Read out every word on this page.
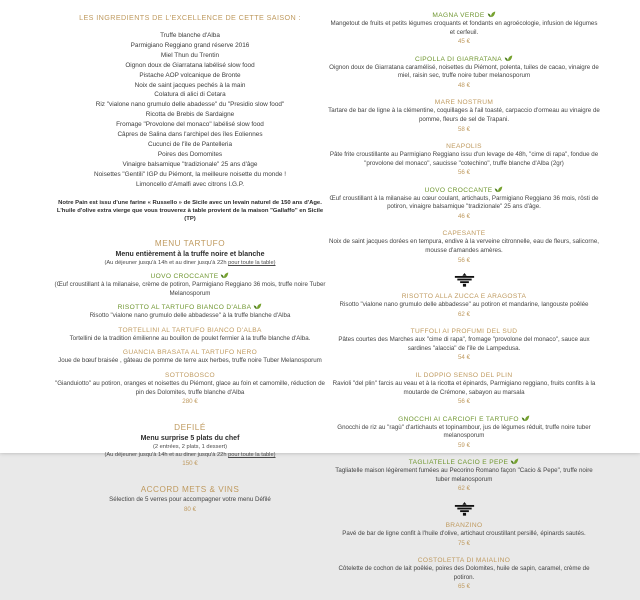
LES INGREDIENTS DE L'EXCELLENCE DE CETTE SAISON :
Truffe blanche d'Alba
Parmigiano Reggiano grand réserve 2016
Miel Thun du Trentin
Oignon doux de Giarratana labélisé slow food
Pistache AOP volcanique de Bronte
Noix de saint jacques pechés à la main
Colatura di alici di Cetara
Riz "vialone nano grumulo delle abadesse" du "Presidio slow food"
Ricotta de Brebis de Sardaigne
Fromage "Provolone del monaco" labélisé slow food
Câpres de Salina dans l'archipel des îles Eoliennes
Cucunci de l'île de Pantelleria
Poires des Domomites
Vinaigre balsamique "tradizionale" 25 ans d'âge
Noisettes "Gentili" IGP du Piémont, la meilleure noisette du monde !
Limoncello d'Amalfi avec citrons I.G.P.
Notre Pain est issu d'une farine « Russello » de Sicile avec un levain naturel de 150 ans d'Age.
L'huile d'olive extra vierge que vous trouverez à table provient de la maison "Gallaffo" en Sicile (TP)
MENU TARTUFO
Menu entièrement à la truffe noire et blanche
(Au déjeuner jusqu'à 14h et au diner jusqu'à 22h pour toute la table)
UOVO CROCCANTE
(Œuf croustillant à la milanaise, crème de potiron, Parmigiano Reggiano 36 mois, truffe noire Tuber Melanosporum
RISOTTO AL TARTUFO BIANCO D'ALBA
Risotto "vialone nano grumulo delle abbadesse" à la truffe blanche d'Alba
TORTELLINI AL TARTUFO BIANCO D'ALBA
Tortellini de la tradition émilienne au bouillon de poulet fermier à la truffe blanche d'Alba.
GUANCIA BRASATA AL TARTUFO NERO
Joue de bœuf braisée , gâteau de pomme de terre aux herbes, truffe noire Tuber Melanosporum
SOTTOBOSCO
"Gianduiotto" au potiron, oranges et noisettes du Piémont, glace au foin et camomille, réduction de pin des Dolomites, truffe blanche d'Alba
280 €
DEFILÉ
Menu surprise 5 plats du chef
(2 entrées, 2 plats, 1 dessert)
(Au déjeuner jusqu'à 14h et au diner jusqu'à 22h pour toute la table)
150 €
ACCORD METS & VINS
Sélection de 5 verres pour accompagner votre menu Défilé
80 €
MAGNA VERDE
Mangetout de fruits et petits légumes croquants et fondants en agroécologie, infusion de légumes et cerfeuil.
45 €
CIPOLLA DI GIARRATANA
Oignon doux de Giarratana caramélisé, noisettes du Piémont, polenta, tuiles de cacao, vinaigre de miel, raisin sec, truffe noire tuber melanosporum
48 €
MARE NOSTRUM
Tartare de bar de ligne à la clémentine, coquillages à l'ail toasté, carpaccio d'ormeau au vinaigre de pomme, fleurs de sel de Trapani.
58 €
NEAPOLIS
Pâte frite croustillante au Parmigiano Reggiano issu d'un levage de 48h, "cime di rapa", fondue de "provolone del monaco", saucisse "cotechino", truffe blanche d'Alba (2gr)
56 €
UOVO CROCCANTE
Œuf croustillant à la milanaise au cœur coulant, artichauts, Parmigiano Reggiano 36 mois, rösti de potiron, vinaigre balsamique "tradizionale" 25 ans d'âge.
46 €
CAPESANTE
Noix de saint jacques dorées en tempura, endive à la verveine citronnelle, eau de fleurs, salicorne, mousse d'amandes amères.
56 €
RISOTTO ALLA ZUCCA E ARAGOSTA
Risotto "vialone nano grumulo delle abbadesse" au potiron et mandarine, langouste poêlée
62 €
TUFFOLI AI PROFUMI DEL SUD
Pâtes courtes des Marches aux "cime di rapa", fromage "provolone del monaco", sauce aux sardines "alaccia" de l'île de Lampedusa.
54 €
IL DOPPIO SENSO DEL PLIN
Ravioli "del plin" farcis au veau et à la ricotta et épinards, Parmigiano reggiano, fruits confits à la moutarde de Crémone, sabayon au marsala
56 €
GNOCCHI AI CARCIOFI E TARTUFO
Gnocchi de riz au "ragù" d'artichauts et topinambour, jus de légumes réduit, truffe noire tuber melanosporum
59 €
TAGLIATELLE CACIO E PEPE
Tagliatelle maison légèrement fumées au Pecorino Romano façon "Cacio & Pepe", truffe noire tuber melanosporum
62 €
BRANZINO
Pavé de bar de ligne confit à l'huile d'olive, artichaut croustillant persillé, épinards sautés.
75 €
COSTOLETTA DI MAIALINO
Côtelette de cochon de lait poêlée, poires des Dolomites, huile de sapin, caramel, crème de potiron.
65 €
